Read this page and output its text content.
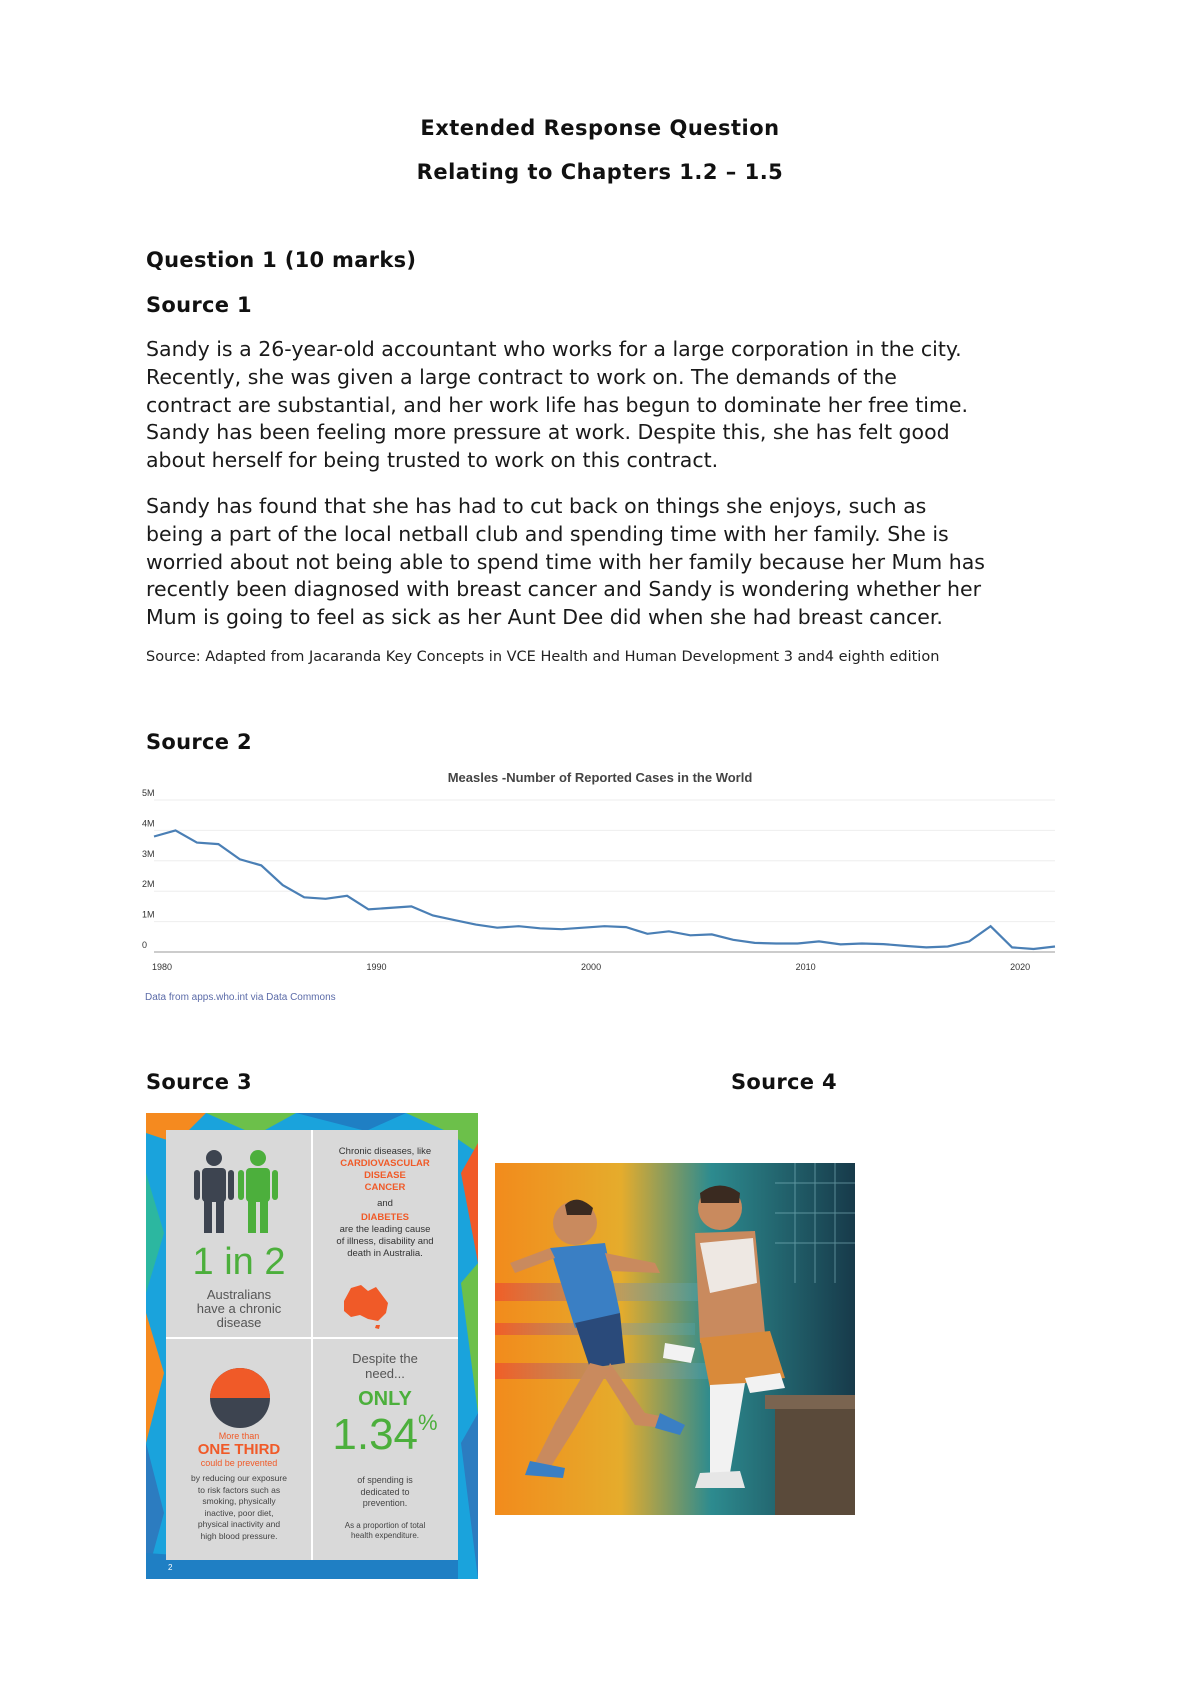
Extended Response Question
Relating to Chapters 1.2 – 1.5
Question 1 (10 marks)
Source 1
Sandy is a 26-year-old accountant who works for a large corporation in the city.
Recently, she was given a large contract to work on. The demands of the
contract are substantial, and her work life has begun to dominate her free time.
Sandy has been feeling more pressure at work. Despite this, she has felt good
about herself for being trusted to work on this contract.
Sandy has found that she has had to cut back on things she enjoys, such as
being a part of the local netball club and spending time with her family. She is
worried about not being able to spend time with her family because her Mum has
recently been diagnosed with breast cancer and Sandy is wondering whether her
Mum is going to feel as sick as her Aunt Dee did when she had breast cancer.
Source: Adapted from Jacaranda Key Concepts in VCE Health and Human Development 3 and4 eighth edition
Source 2
Measles -Number of Reported Cases in the World
0
1M
2M
3M
4M
5M
1980	1990	2000	2010	2020
Data from apps.who.int via Data Commons
Source 3	Source 4
1 in 2
Australians
have a chronic
disease
Chronic diseases, like
CARDIOVASCULAR
DISEASE
CANCER
and
DIABETES
are the leading cause
of illness, disability and
death in Australia.
More than
ONE THIRD
could be prevented
by reducing our exposure
to risk factors such as
smoking, physically
inactive, poor diet,
physical inactivity and
high blood pressure.
Despite the
need...
ONLY
1.34%
of spending is
dedicated to
prevention.
As a proportion of total
health expenditure.
2
